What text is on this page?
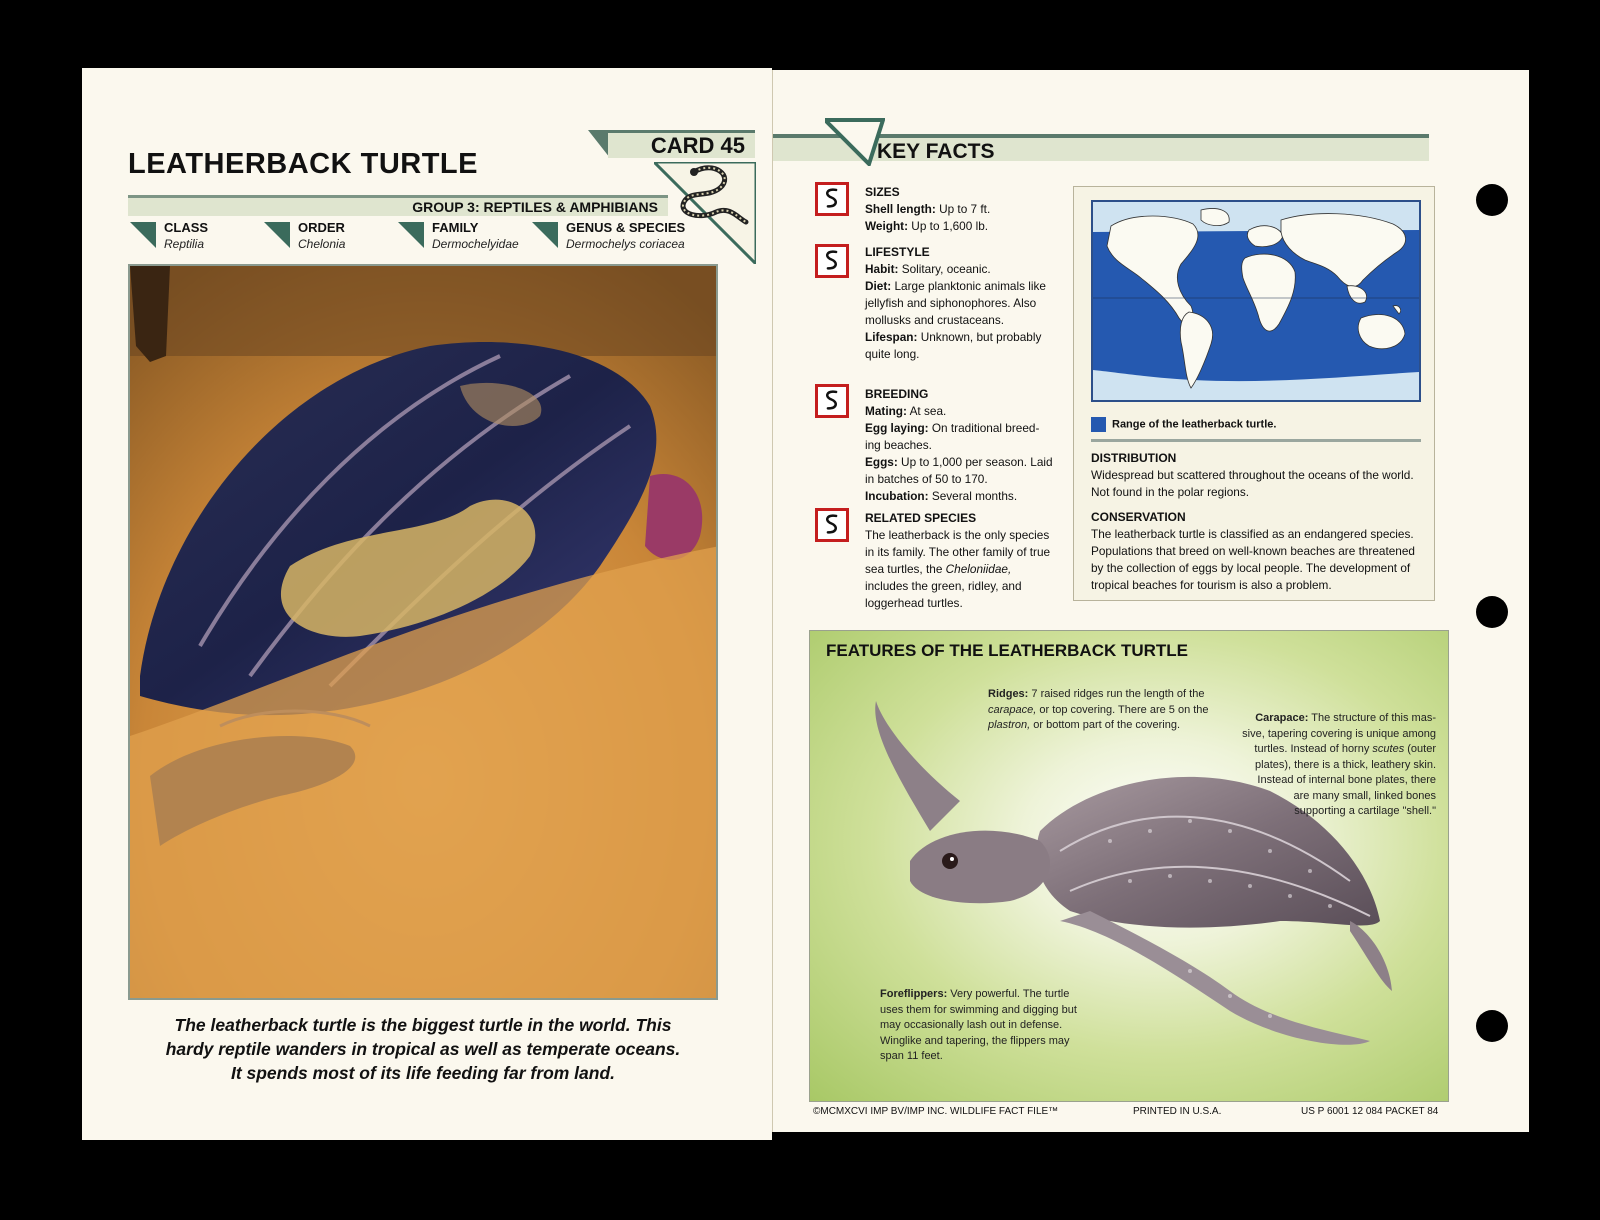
LEATHERBACK TURTLE
CARD 45
GROUP 3: REPTILES & AMPHIBIANS
CLASS
Reptilia
ORDER
Chelonia
FAMILY
Dermochelyidae
GENUS & SPECIES
Dermochelys coriacea
The leatherback turtle is the biggest turtle in the world. This
hardy reptile wanders in tropical as well as temperate oceans.
It spends most of its life feeding far from land.
KEY FACTS
SIZES
Shell length: Up to 7 ft.
Weight: Up to 1,600 lb.
LIFESTYLE
Habit: Solitary, oceanic.
Diet: Large planktonic animals like jellyfish and siphonophores. Also mollusks and crustaceans.
Lifespan: Unknown, but probably quite long.
BREEDING
Mating: At sea.
Egg laying: On traditional breed- ing beaches.
Eggs: Up to 1,000 per season. Laid in batches of 50 to 170.
Incubation: Several months.
RELATED SPECIES
The leatherback is the only species in its family. The other family of true sea turtles, the Cheloniidae, includes the green, ridley, and loggerhead turtles.
Range of the leatherback turtle.
DISTRIBUTION
Widespread but scattered throughout the oceans of the world. Not found in the polar regions.
CONSERVATION
The leatherback turtle is classified as an endangered species. Populations that breed on well-known beaches are threatened by the collection of eggs by local people. The development of tropical beaches for tourism is also a problem.
FEATURES OF THE LEATHERBACK TURTLE
Ridges: 7 raised ridges run the length of the carapace, or top covering. There are 5 on the plastron, or bottom part of the covering.
Carapace: The structure of this mas- sive, tapering covering is unique among turtles. Instead of horny scutes (outer plates), there is a thick, leathery skin. Instead of internal bone plates, there are many small, linked bones supporting a cartilage "shell."
Foreflippers: Very powerful. The turtle uses them for swimming and digging but may occasionally lash out in defense. Winglike and tapering, the flippers may span 11 feet.
©MCMXCVI IMP BV/IMP INC. WILDLIFE FACT FILE™	PRINTED IN U.S.A.	US P 6001 12 084 PACKET 84
